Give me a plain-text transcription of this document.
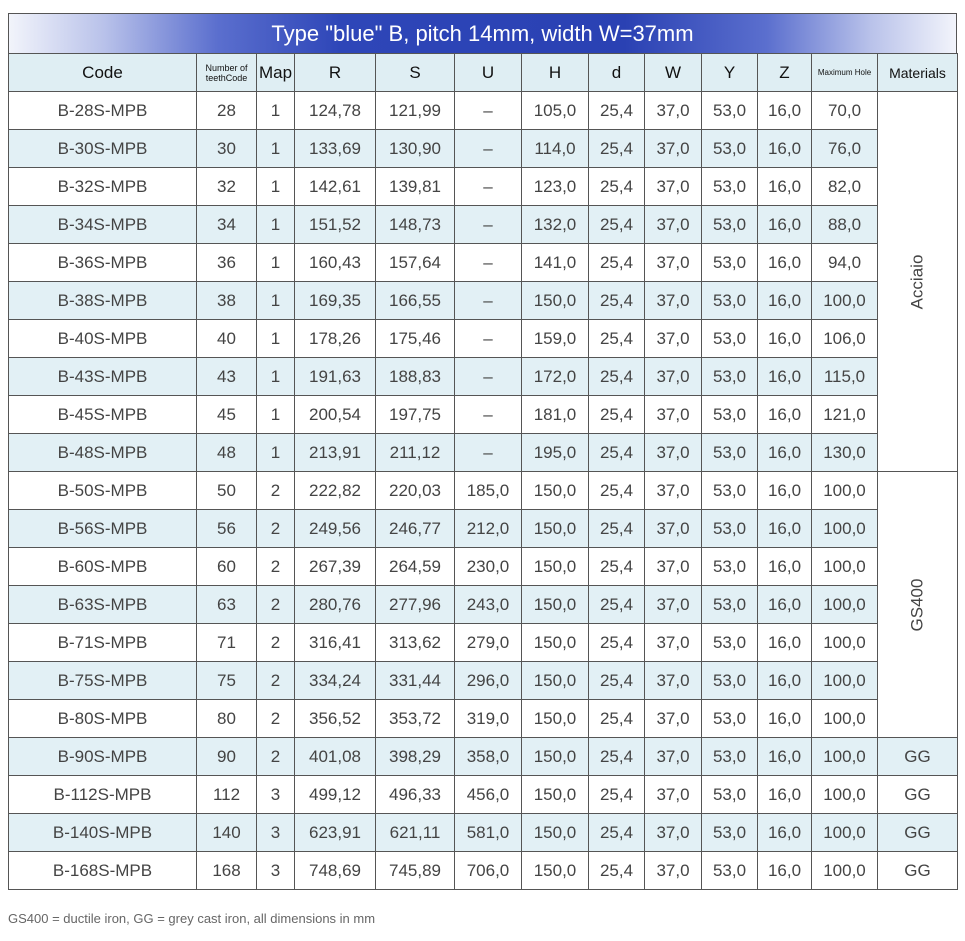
Type "blue" B, pitch 14mm, width W=37mm
Code	Number of teethCode	Map	R	S	U	H	d	W	Y	Z	Maximum Hole	Materials
B-28S-MPB	28	1	124,78	121,99	–	105,0	25,4	37,0	53,0	16,0	70,0	Acciaio
B-30S-MPB	30	1	133,69	130,90	–	114,0	25,4	37,0	53,0	16,0	76,0	
B-32S-MPB	32	1	142,61	139,81	–	123,0	25,4	37,0	53,0	16,0	82,0	
B-34S-MPB	34	1	151,52	148,73	–	132,0	25,4	37,0	53,0	16,0	88,0	
B-36S-MPB	36	1	160,43	157,64	–	141,0	25,4	37,0	53,0	16,0	94,0	
B-38S-MPB	38	1	169,35	166,55	–	150,0	25,4	37,0	53,0	16,0	100,0	
B-40S-MPB	40	1	178,26	175,46	–	159,0	25,4	37,0	53,0	16,0	106,0	
B-43S-MPB	43	1	191,63	188,83	–	172,0	25,4	37,0	53,0	16,0	115,0	
B-45S-MPB	45	1	200,54	197,75	–	181,0	25,4	37,0	53,0	16,0	121,0	
B-48S-MPB	48	1	213,91	211,12	–	195,0	25,4	37,0	53,0	16,0	130,0	
B-50S-MPB	50	2	222,82	220,03	185,0	150,0	25,4	37,0	53,0	16,0	100,0	GS400
B-56S-MPB	56	2	249,56	246,77	212,0	150,0	25,4	37,0	53,0	16,0	100,0	
B-60S-MPB	60	2	267,39	264,59	230,0	150,0	25,4	37,0	53,0	16,0	100,0	
B-63S-MPB	63	2	280,76	277,96	243,0	150,0	25,4	37,0	53,0	16,0	100,0	
B-71S-MPB	71	2	316,41	313,62	279,0	150,0	25,4	37,0	53,0	16,0	100,0	
B-75S-MPB	75	2	334,24	331,44	296,0	150,0	25,4	37,0	53,0	16,0	100,0	
B-80S-MPB	80	2	356,52	353,72	319,0	150,0	25,4	37,0	53,0	16,0	100,0	
B-90S-MPB	90	2	401,08	398,29	358,0	150,0	25,4	37,0	53,0	16,0	100,0	GG
B-112S-MPB	112	3	499,12	496,33	456,0	150,0	25,4	37,0	53,0	16,0	100,0	GG
B-140S-MPB	140	3	623,91	621,11	581,0	150,0	25,4	37,0	53,0	16,0	100,0	GG
B-168S-MPB	168	3	748,69	745,89	706,0	150,0	25,4	37,0	53,0	16,0	100,0	GG
GS400 = ductile iron, GG = grey cast iron, all dimensions in mm
